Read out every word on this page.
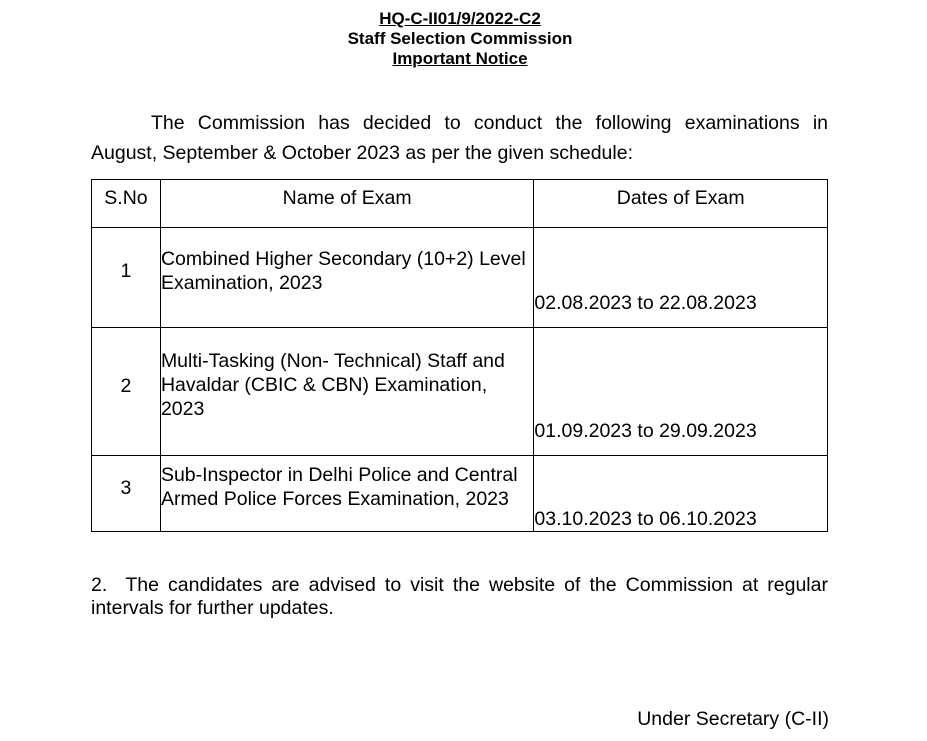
HQ-C-II01/9/2022-C2
Staff Selection Commission
Important Notice
The Commission has decided to conduct the following examinations in August, September & October 2023 as per the given schedule:
S.No	Name of Exam	Dates of Exam
1	Combined Higher Secondary (10+2) Level Examination, 2023	02.08.2023 to 22.08.2023
2	Multi-Tasking (Non- Technical) Staff and Havaldar (CBIC & CBN) Examination, 2023	01.09.2023 to 29.09.2023
3	Sub-Inspector in Delhi Police and Central Armed Police Forces Examination, 2023	03.10.2023 to 06.10.2023
2. The candidates are advised to visit the website of the Commission at regular intervals for further updates.
Under Secretary (C-II)
